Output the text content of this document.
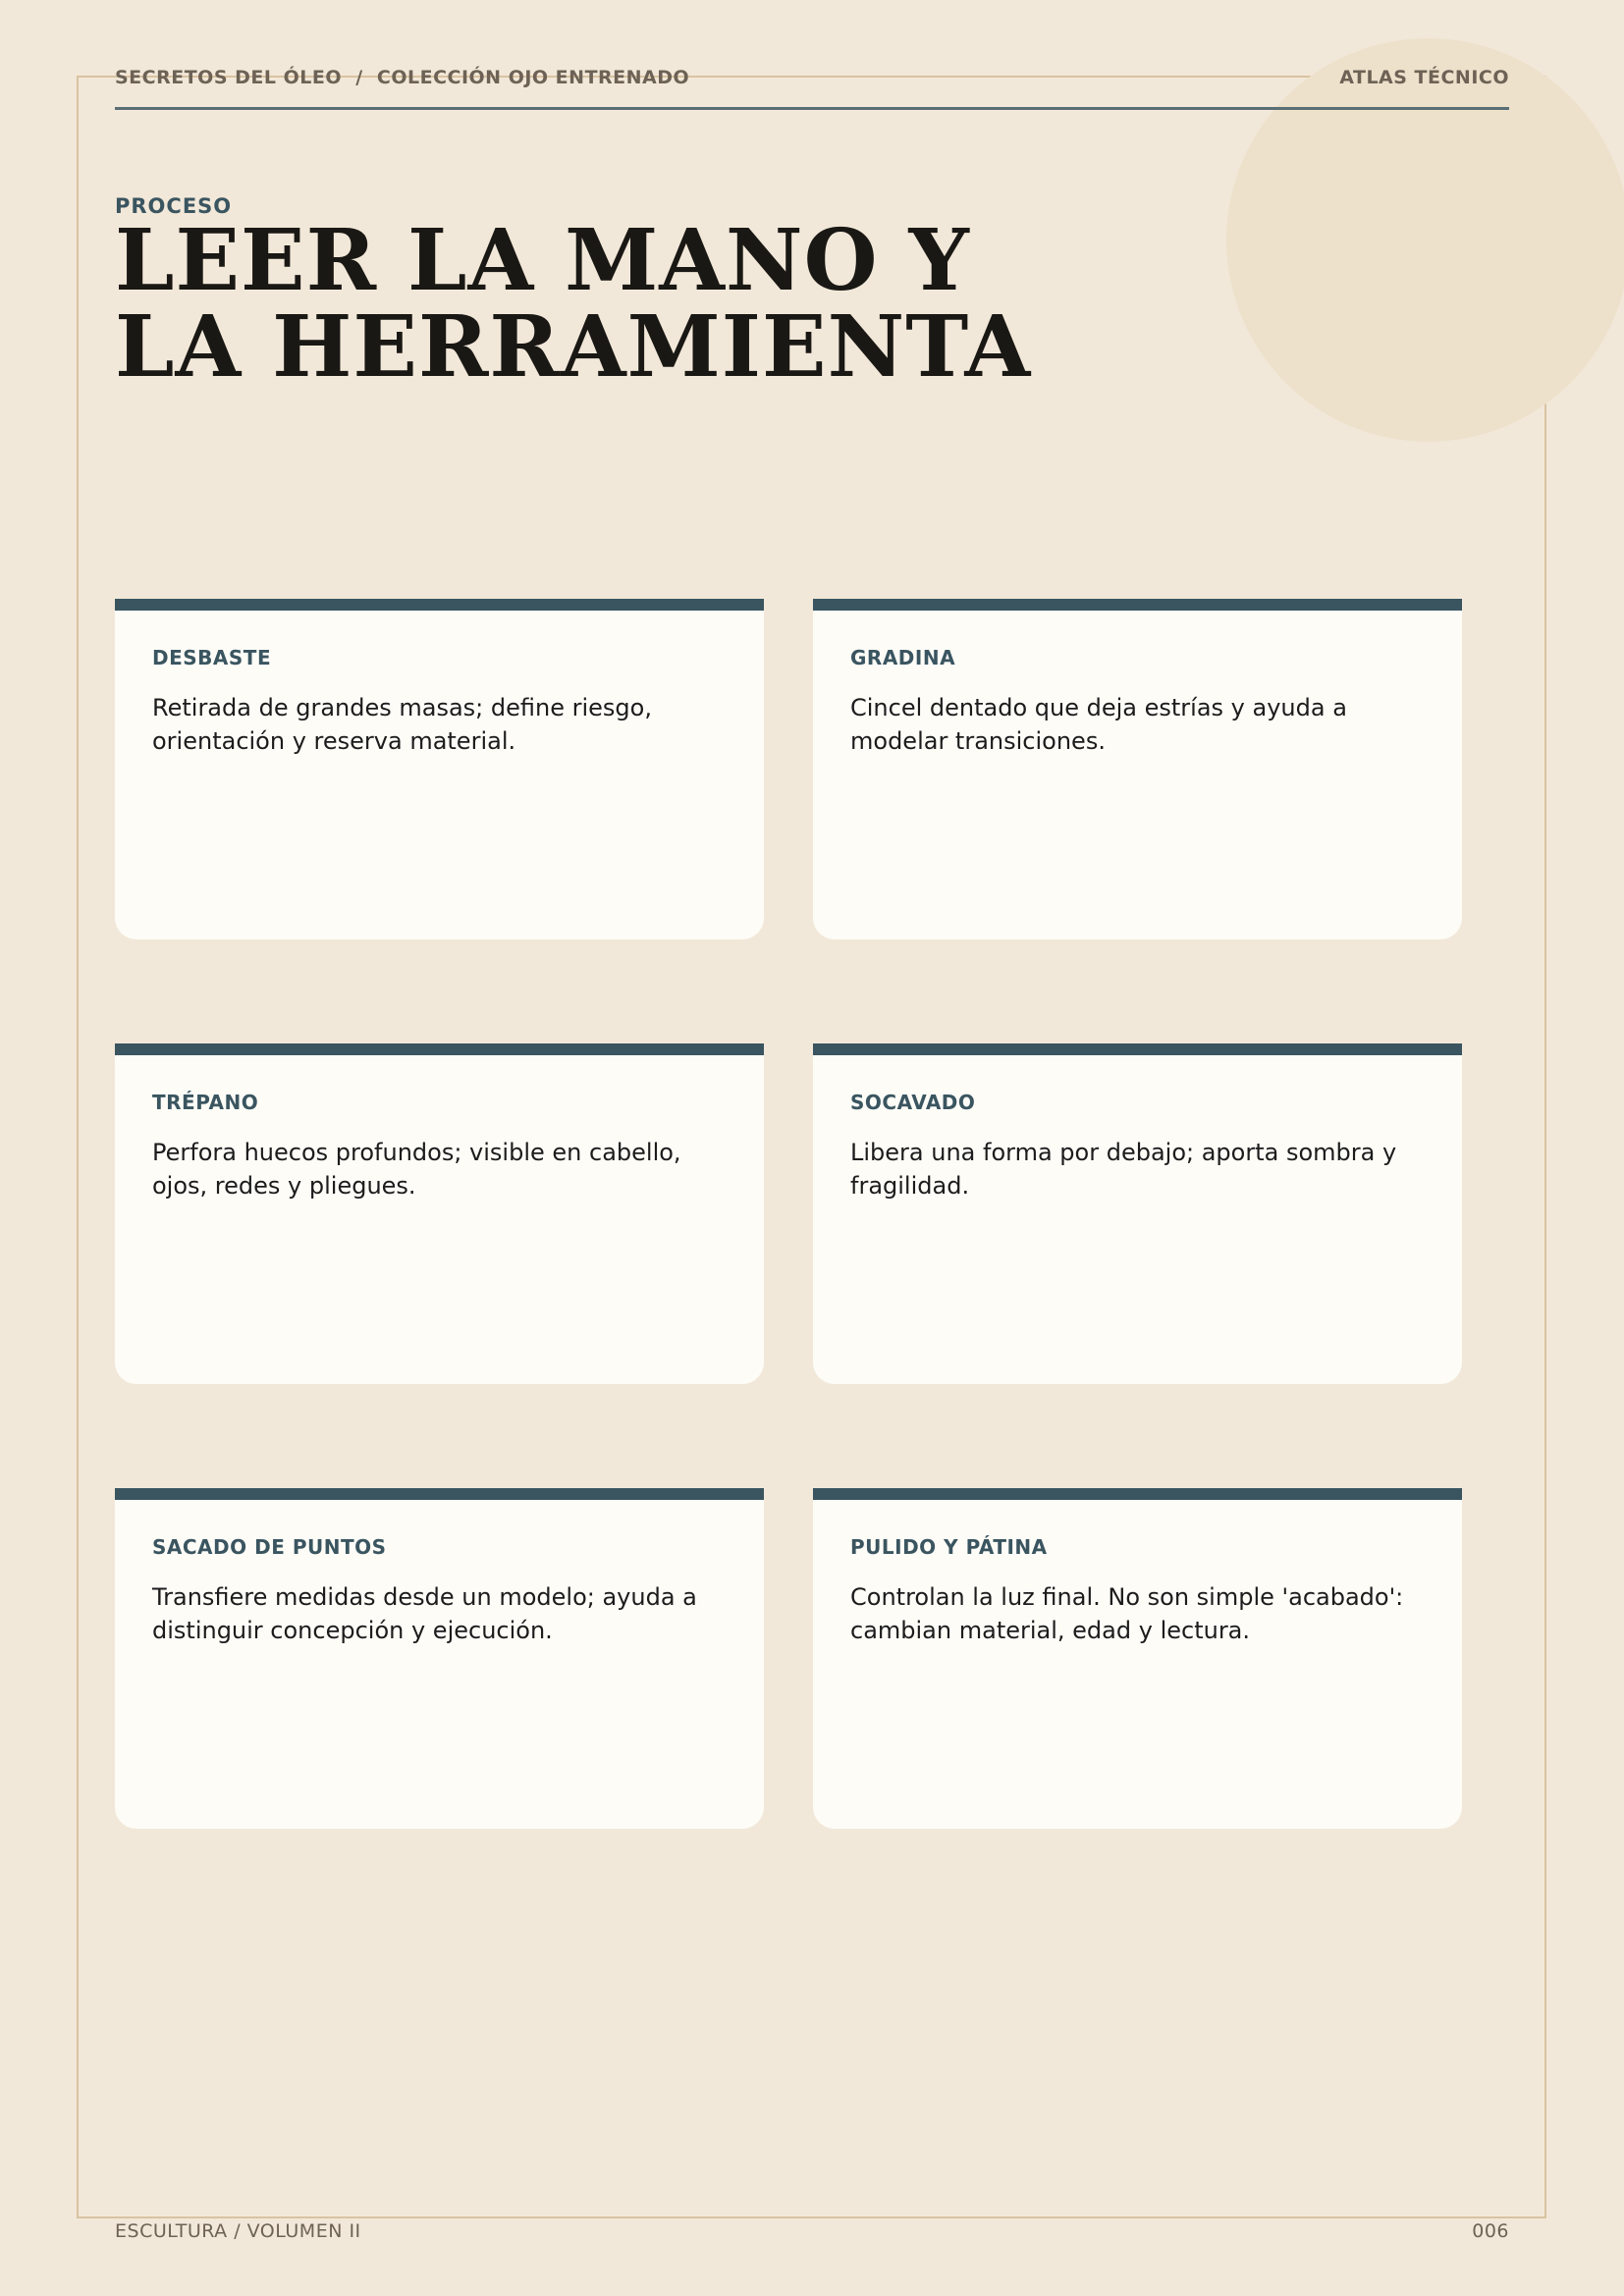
SECRETOS DEL ÓLEO  /  COLECCIÓN OJO ENTRENADO	ATLAS TÉCNICO
PROCESO
LEER LA MANO Y
LA HERRAMIENTA
DESBASTE
Retirada de grandes masas; define riesgo, orientación y reserva material.
GRADINA
Cincel dentado que deja estrías y ayuda a modelar transiciones.
TRÉPANO
Perfora huecos profundos; visible en cabello, ojos, redes y pliegues.
SOCAVADO
Libera una forma por debajo; aporta sombra y fragilidad.
SACADO DE PUNTOS
Transfiere medidas desde un modelo; ayuda a distinguir concepción y ejecución.
PULIDO Y PÁTINA
Controlan la luz final. No son simple 'acabado': cambian material, edad y lectura.
ESCULTURA / VOLUMEN II	006
